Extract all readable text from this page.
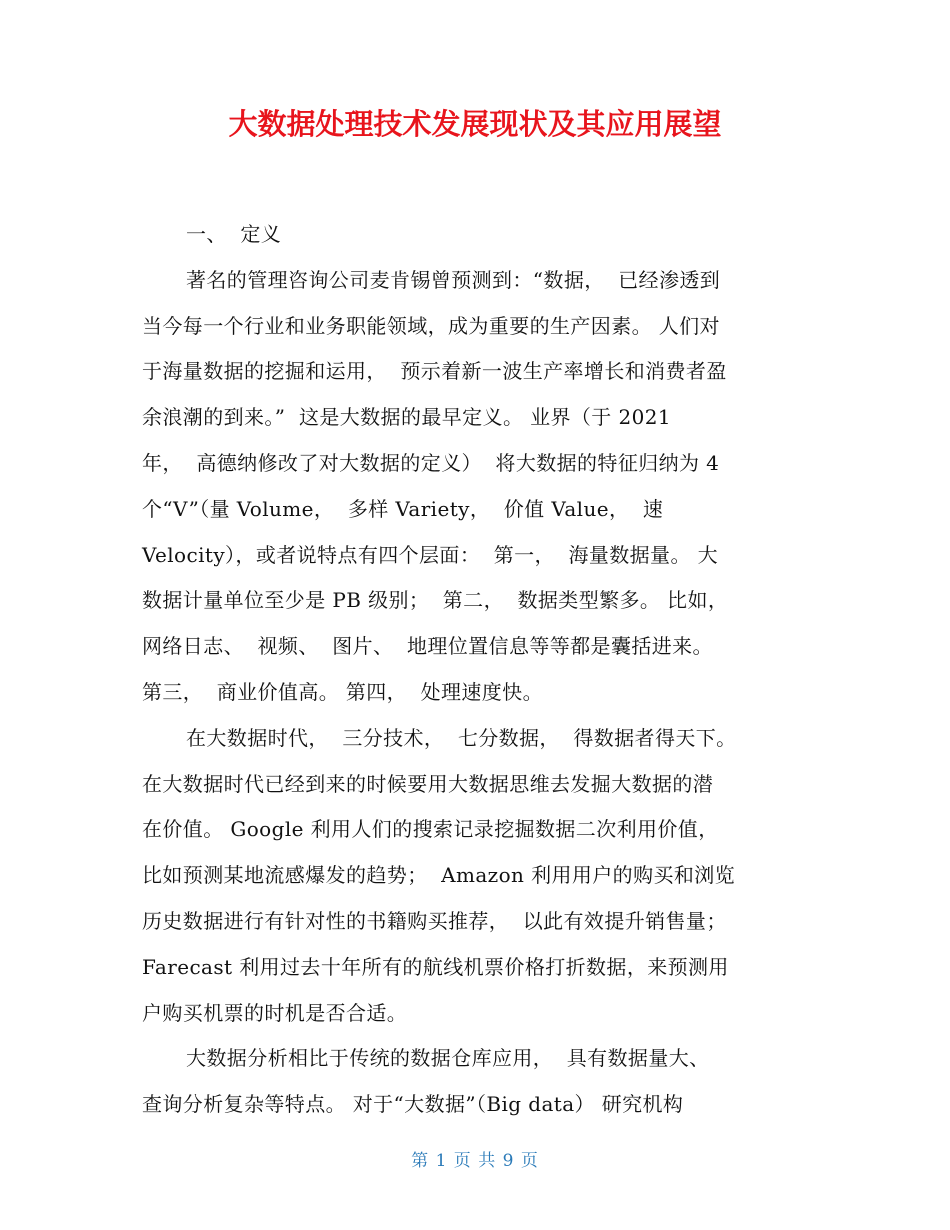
大数据处理技术发展现状及其应用展望
一、  定义
著名的管理咨询公司麦肯锡曾预测到：“数据，  已经渗透到
当今每一个行业和业务职能领域，成为重要的生产因素。 人们对
于海量数据的挖掘和运用，  预示着新一波生产率增长和消费者盈
余浪潮的到来。”  这是大数据的最早定义。 业界（于 2021
年，  高德纳修改了对大数据的定义）  将大数据的特征归纳为 4
个“V”（量 Volume，  多样 Variety，  价值 Value，  速
Velocity），或者说特点有四个层面：  第一，  海量数据量。 大
数据计量单位至少是 PB 级别；  第二，  数据类型繁多。 比如，
网络日志、  视频、  图片、  地理位置信息等等都是囊括进来。
第三，  商业价值高。 第四，  处理速度快。
在大数据时代，  三分技术，  七分数据，  得数据者得天下。
在大数据时代已经到来的时候要用大数据思维去发掘大数据的潜
在价值。 Google 利用人们的搜索记录挖掘数据二次利用价值，
比如预测某地流感爆发的趋势；  Amazon 利用用户的购买和浏览
历史数据进行有针对性的书籍购买推荐，  以此有效提升销售量；
Farecast 利用过去十年所有的航线机票价格打折数据，来预测用
户购买机票的时机是否合适。
大数据分析相比于传统的数据仓库应用，  具有数据量大、
查询分析复杂等特点。 对于“大数据”（Big data） 研究机构
第 1 页 共 9 页
